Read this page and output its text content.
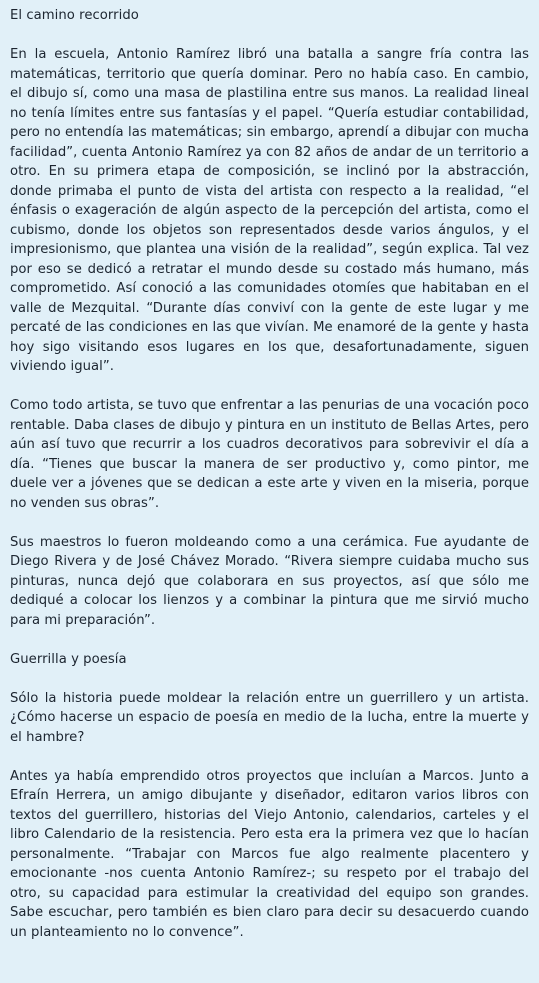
El camino recorrido

En la escuela, Antonio Ramírez libró una batalla a sangre fría contra las matemáticas, territorio que quería dominar. Pero no había caso. En cambio, el dibujo sí, como una masa de plastilina entre sus manos. La realidad lineal no tenía límites entre sus fantasías y el papel. “Quería estudiar contabilidad, pero no entendía las matemáticas; sin embargo, aprendí a dibujar con mucha facilidad”, cuenta Antonio Ramírez ya con 82 años de andar de un territorio a otro. En su primera etapa de composición, se inclinó por la abstracción, donde primaba el punto de vista del artista con respecto a la realidad, “el énfasis o exageración de algún aspecto de la percepción del artista, como el cubismo, donde los objetos son representados desde varios ángulos, y el impresionismo, que plantea una visión de la realidad”, según explica. Tal vez por eso se dedicó a retratar el mundo desde su costado más humano, más comprometido. Así conoció a las comunidades otomíes que habitaban en el valle de Mezquital. “Durante días conviví con la gente de este lugar y me percaté de las condiciones en las que vivían. Me enamoré de la gente y hasta hoy sigo visitando esos lugares en los que, desafortunadamente, siguen viviendo igual”.

Como todo artista, se tuvo que enfrentar a las penurias de una vocación poco rentable. Daba clases de dibujo y pintura en un instituto de Bellas Artes, pero aún así tuvo que recurrir a los cuadros decorativos para sobrevivir el día a día. “Tienes que buscar la manera de ser productivo y, como pintor, me duele ver a jóvenes que se dedican a este arte y viven en la miseria, porque no venden sus obras”.

Sus maestros lo fueron moldeando como a una cerámica. Fue ayudante de Diego Rivera y de José Chávez Morado. “Rivera siempre cuidaba mucho sus pinturas, nunca dejó que colaborara en sus proyectos, así que sólo me dediqué a colocar los lienzos y a combinar la pintura que me sirvió mucho para mi preparación”.

Guerrilla y poesía

Sólo la historia puede moldear la relación entre un guerrillero y un artista. ¿Cómo hacerse un espacio de poesía en medio de la lucha, entre la muerte y el hambre?

Antes ya había emprendido otros proyectos que incluían a Marcos. Junto a Efraín Herrera, un amigo dibujante y diseñador, editaron varios libros con textos del guerrillero, historias del Viejo Antonio, calendarios, carteles y el libro Calendario de la resistencia. Pero esta era la primera vez que lo hacían personalmente. “Trabajar con Marcos fue algo realmente placentero y emocionante -nos cuenta Antonio Ramírez-; su respeto por el trabajo del otro, su capacidad para estimular la creatividad del equipo son grandes. Sabe escuchar, pero también es bien claro para decir su desacuerdo cuando un planteamiento no lo convence”.
